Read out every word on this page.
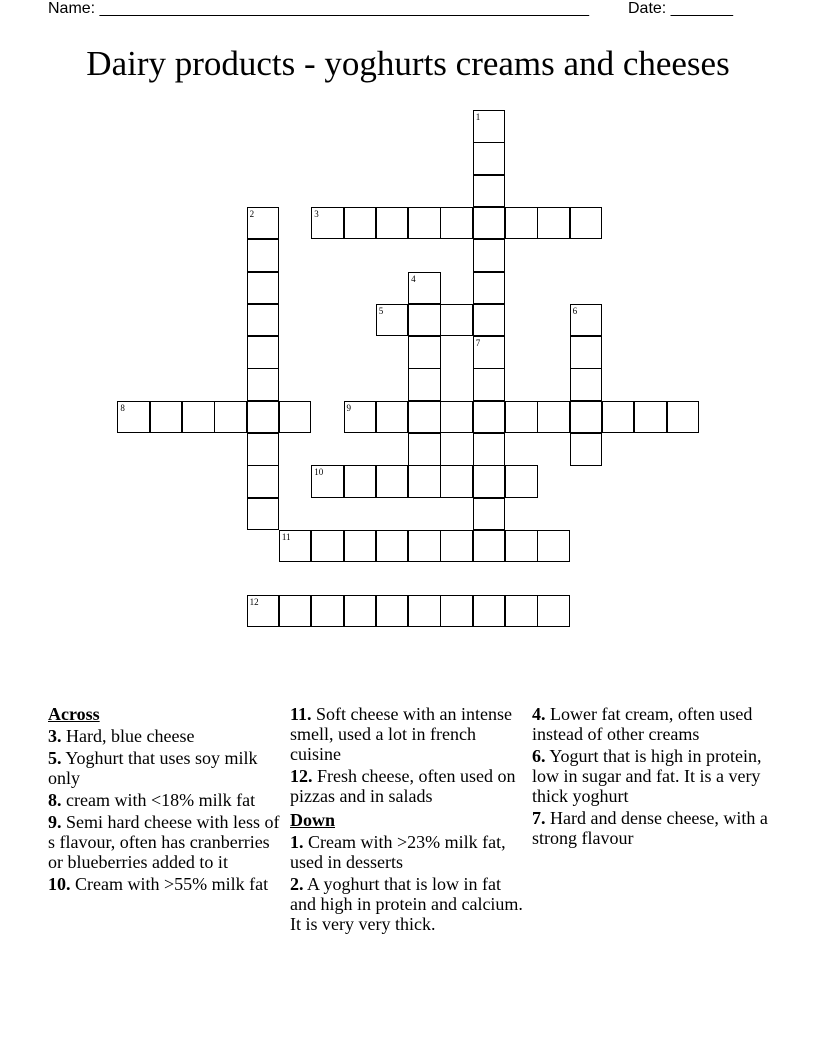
Name: _______________________________________________________ Date: _______
Dairy products - yoghurts creams and cheeses
1
2	3
4
5	6
7
8	9
10
11
12
Across
3. Hard, blue cheese
5. Yoghurt that uses soy milk only
8. cream with <18% milk fat
9. Semi hard cheese with less of s flavour, often has cranberries or blueberries added to it
10. Cream with >55% milk fat
11. Soft cheese with an intense smell, used a lot in french cuisine
12. Fresh cheese, often used on pizzas and in salads
Down
1. Cream with >23% milk fat, used in desserts
2. A yoghurt that is low in fat and high in protein and calcium. It is very very thick.
4. Lower fat cream, often used instead of other creams
6. Yogurt that is high in protein, low in sugar and fat. It is a very thick yoghurt
7. Hard and dense cheese, with a strong flavour
